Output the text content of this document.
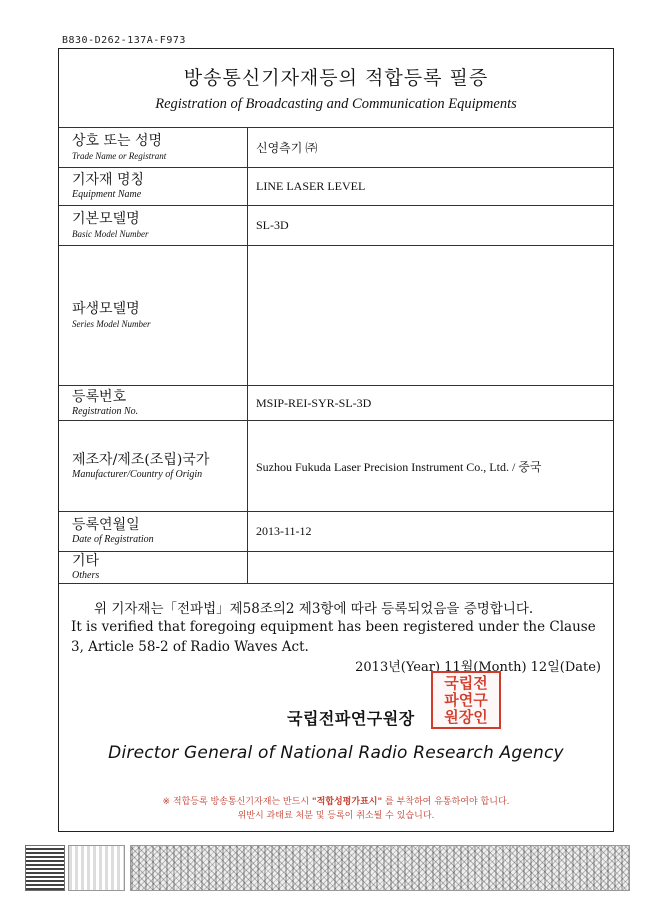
B830-D262-137A-F973
방송통신기자재등의 적합등록 필증
Registration of Broadcasting and Communication Equipments
상호 또는 성명
Trade Name or Registrant	신영측기 ㈜

기자재 명칭
Equipment Name	LINE LASER LEVEL

기본모델명
Basic Model Number	SL-3D

파생모델명
Series Model Number	

등록번호
Registration No.	MSIP-REI-SYR-SL-3D

제조자/제조(조립)국가
Manufacturer/Country of Origin	Suzhou Fukuda Laser Precision Instrument Co., Ltd. / 중국

등록연월일
Date of Registration	2013-11-12

기타
Others	

위 기자재는「전파법」제58조의2 제3항에 따라 등록되었음을 증명합니다.
It is verified that foregoing equipment has been registered under the Clause 3, Article 58-2 of Radio Waves Act.
2013년(Year) 11월(Month) 12일(Date)
국립전파연구원장
국립전
파연구
원장인
Director General of National Radio Research Agency
※ 적합등록 방송통신기자재는 반드시 "적합성평가표시" 를 부착하여 유통하여야 합니다.
위반시 과태료 처분 및 등록이 취소될 수 있습니다.
